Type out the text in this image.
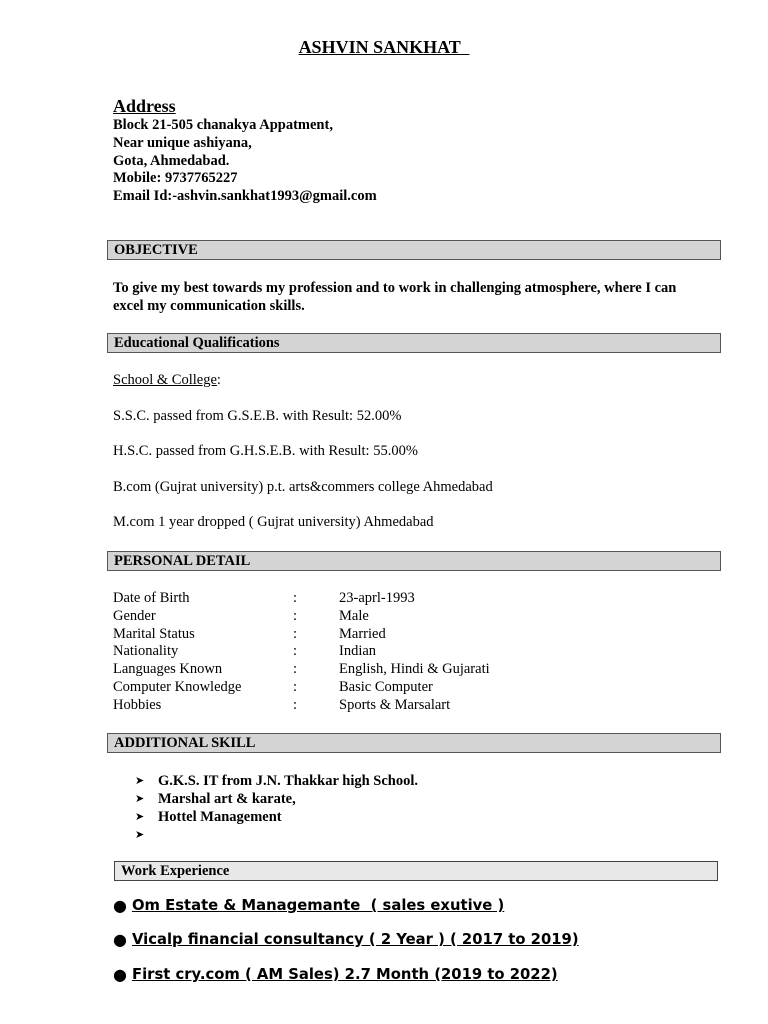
ASHVIN SANKHAT
Address
Block 21-505 chanakya Appatment,
Near unique ashiyana,
Gota, Ahmedabad.
Mobile: 9737765227
Email Id:-ashvin.sankhat1993@gmail.com
OBJECTIVE
To give my best towards my profession and to work in challenging atmosphere, where I can excel my communication skills.
Educational Qualifications
School & College:
S.S.C. passed from G.S.E.B. with Result: 52.00%
H.S.C. passed from G.H.S.E.B. with Result: 55.00%
B.com (Gujrat university) p.t. arts&commers college Ahmedabad
M.com 1 year dropped ( Gujrat university) Ahmedabad
PERSONAL DETAIL
Date of Birth	:	23-aprl-1993
Gender	:	Male
Marital Status	:	Married
Nationality	:	Indian
Languages Known	:	English, Hindi & Gujarati
Computer Knowledge	:	Basic Computer
Hobbies	:	Sports & Marsalart
ADDITIONAL SKILL
➤ G.K.S. IT from J.N. Thakkar high School.
➤ Marshal art & karate,
➤ Hottel Management
➤
Work Experience
● Om Estate & Managemante  ( sales exutive )
● Vicalp financial consultancy ( 2 Year ) ( 2017 to 2019)
● First cry.com ( AM Sales) 2.7 Month (2019 to 2022)
